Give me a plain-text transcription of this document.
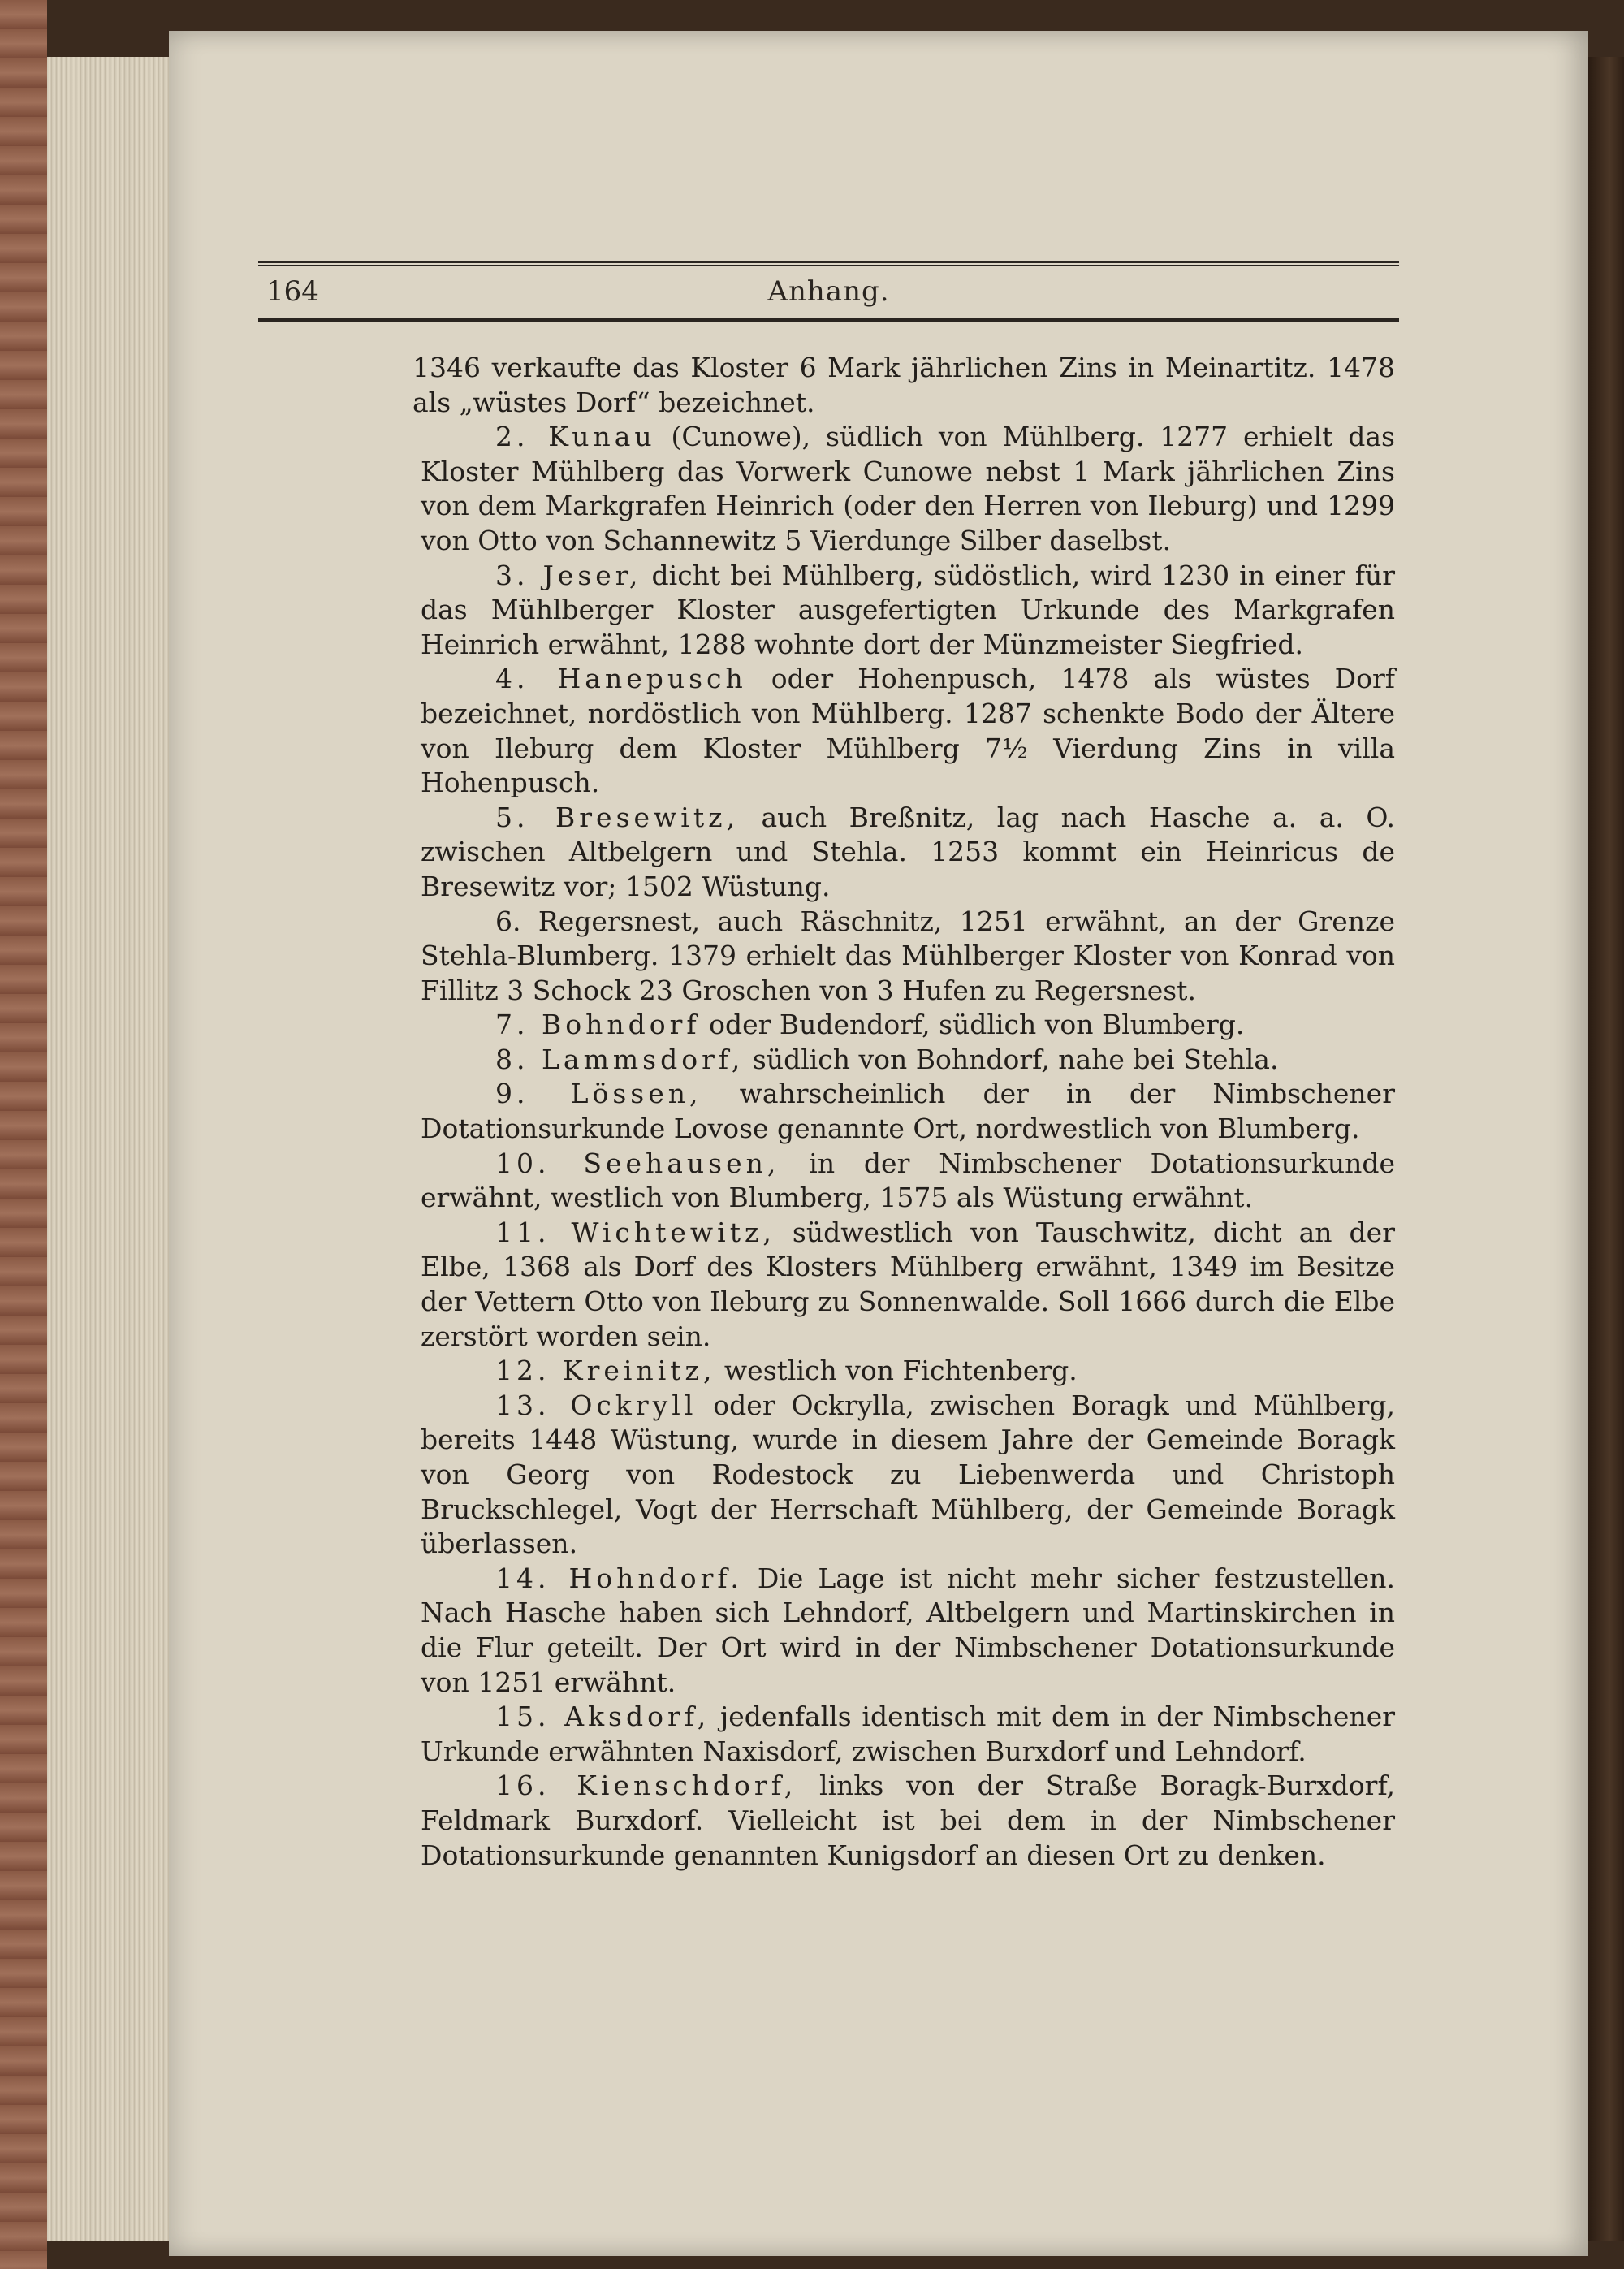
164	Anhang.

1346 verkaufte das Kloster 6 Mark jährlichen Zins in Meinartitz. 1478 als „wüstes Dorf“ bezeichnet.

2. Kunau (Cunowe), südlich von Mühlberg. 1277 erhielt das Kloster Mühlberg das Vorwerk Cunowe nebst 1 Mark jährlichen Zins von dem Markgrafen Heinrich (oder den Herren von Ileburg) und 1299 von Otto von Schannewitz 5 Vierdunge Silber daselbst.

3. Jeser, dicht bei Mühlberg, südöstlich, wird 1230 in einer für das Mühlberger Kloster ausgefertigten Urkunde des Markgrafen Heinrich erwähnt, 1288 wohnte dort der Münzmeister Siegfried.

4. Hanepusch oder Hohenpusch, 1478 als wüstes Dorf bezeichnet, nordöstlich von Mühlberg. 1287 schenkte Bodo der Ältere von Ileburg dem Kloster Mühlberg 7½ Vierdung Zins in villa Hohenpusch.

5. Bresewitz, auch Breßnitz, lag nach Hasche a. a. O. zwischen Altbelgern und Stehla. 1253 kommt ein Heinricus de Bresewitz vor; 1502 Wüstung.

6. Regersnest, auch Räschnitz, 1251 erwähnt, an der Grenze Stehla-Blumberg. 1379 erhielt das Mühlberger Kloster von Konrad von Fillitz 3 Schock 23 Groschen von 3 Hufen zu Regersnest.

7. Bohndorf oder Budendorf, südlich von Blumberg.

8. Lammsdorf, südlich von Bohndorf, nahe bei Stehla.

9. Lössen, wahrscheinlich der in der Nimbschener Dotationsurkunde Lovose genannte Ort, nordwestlich von Blumberg.

10. Seehausen, in der Nimbschener Dotationsurkunde erwähnt, westlich von Blumberg, 1575 als Wüstung erwähnt.

11. Wichtewitz, südwestlich von Tauschwitz, dicht an der Elbe, 1368 als Dorf des Klosters Mühlberg erwähnt, 1349 im Besitze der Vettern Otto von Ileburg zu Sonnenwalde. Soll 1666 durch die Elbe zerstört worden sein.

12. Kreinitz, westlich von Fichtenberg.

13. Ockryll oder Ockrylla, zwischen Boragk und Mühlberg, bereits 1448 Wüstung, wurde in diesem Jahre der Gemeinde Boragk von Georg von Rodestock zu Liebenwerda und Christoph Bruckschlegel, Vogt der Herrschaft Mühlberg, der Gemeinde Boragk überlassen.

14. Hohndorf. Die Lage ist nicht mehr sicher festzustellen. Nach Hasche haben sich Lehndorf, Altbelgern und Martinskirchen in die Flur geteilt. Der Ort wird in der Nimbschener Dotationsurkunde von 1251 erwähnt.

15. Aksdorf, jedenfalls identisch mit dem in der Nimbschener Urkunde erwähnten Naxisdorf, zwischen Burxdorf und Lehndorf.

16. Kienschdorf, links von der Straße Boragk-Burxdorf, Feldmark Burxdorf. Vielleicht ist bei dem in der Nimbschener Dotationsurkunde genannten Kunigsdorf an diesen Ort zu denken.
